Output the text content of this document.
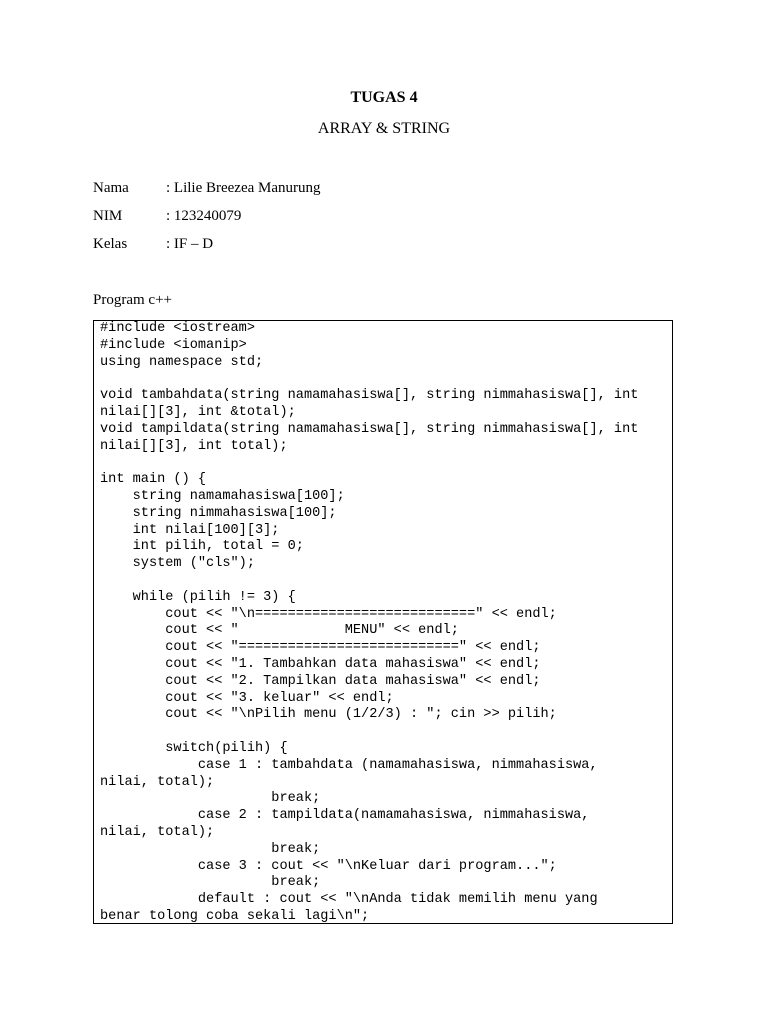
TUGAS 4
ARRAY & STRING
Nama	: Lilie Breezea Manurung
NIM	: 123240079
Kelas	: IF – D
Program c++
#include <iostream>
#include <iomanip>
using namespace std;
void tambahdata(string namamahasiswa[], string nimmahasiswa[], int
nilai[][3], int &total);
void tampildata(string namamahasiswa[], string nimmahasiswa[], int
nilai[][3], int total);
int main () {
string namamahasiswa[100];
string nimmahasiswa[100];
int nilai[100][3];
int pilih, total = 0;
system ("cls");
while (pilih != 3) {
cout << "\n===========================" << endl;
cout << "             MENU" << endl;
cout << "===========================" << endl;
cout << "1. Tambahkan data mahasiswa" << endl;
cout << "2. Tampilkan data mahasiswa" << endl;
cout << "3. keluar" << endl;
cout << "\nPilih menu (1/2/3) : "; cin >> pilih;
switch(pilih) {
case 1 : tambahdata (namamahasiswa, nimmahasiswa,
nilai, total);
break;
case 2 : tampildata(namamahasiswa, nimmahasiswa,
nilai, total);
break;
case 3 : cout << "\nKeluar dari program...";
break;
default : cout << "\nAnda tidak memilih menu yang
benar tolong coba sekali lagi\n";
